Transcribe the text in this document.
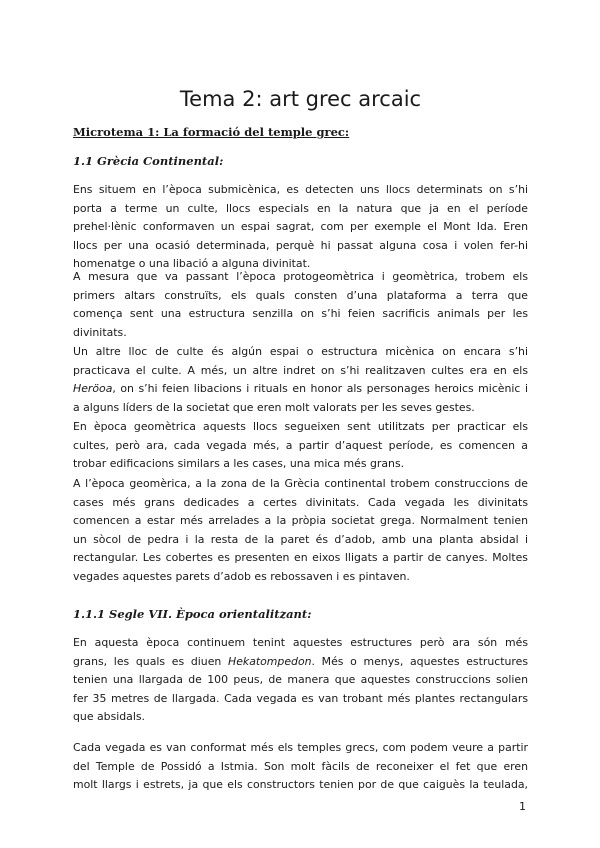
Tema 2: art grec arcaic
Microtema 1: La formació del temple grec:
1.1 Grècia Continental:
Ens situem en l’època submicènica, es detecten uns llocs determinats on s’hi
porta a terme un culte, llocs especials en la natura que ja en el període
prehel·lènic conformaven un espai sagrat, com per exemple el Mont Ida. Eren
llocs per una ocasió determinada, perquè hi passat alguna cosa i volen fer-hi
homenatge o una libació a alguna divinitat.
A mesura que va passant l’època protogeomètrica i geomètrica, trobem els
primers altars construïts, els quals consten d’una plataforma a terra que
comença sent una estructura senzilla on s’hi feien sacrificis animals per les
divinitats.
Un altre lloc de culte és algún espai o estructura micènica on encara s’hi
practicava el culte. A més, un altre indret on s’hi realitzaven cultes era en els
Heröoa, on s’hi feien libacions i rituals en honor als personages heroics micènic i
a alguns líders de la societat que eren molt valorats per les seves gestes.
En època geomètrica aquests llocs segueixen sent utilitzats per practicar els
cultes, però ara, cada vegada més, a partir d’aquest període, es comencen a
trobar edificacions similars a les cases, una mica més grans.
A l’època geomèrica, a la zona de la Grècia continental trobem construccions de
cases més grans dedicades a certes divinitats. Cada vegada les divinitats
comencen a estar més arrelades a la pròpia societat grega. Normalment tenien
un sòcol de pedra i la resta de la paret és d’adob, amb una planta absidal i
rectangular. Les cobertes es presenten en eixos lligats a partir de canyes. Moltes
vegades aquestes parets d’adob es rebossaven i es pintaven.
1.1.1 Segle VII. Època orientalitzant:
En aquesta època continuem tenint aquestes estructures però ara són més
grans, les quals es diuen Hekatompedon. Més o menys, aquestes estructures
tenien una llargada de 100 peus, de manera que aquestes construccions solien
fer 35 metres de llargada. Cada vegada es van trobant més plantes rectangulars
que absidals.
Cada vegada es van conformat més els temples grecs, com podem veure a partir
del Temple de Possidó a Istmia. Son molt fàcils de reconeixer el fet que eren
molt llargs i estrets, ja que els constructors tenien por de que caiguès la teulada,
1
